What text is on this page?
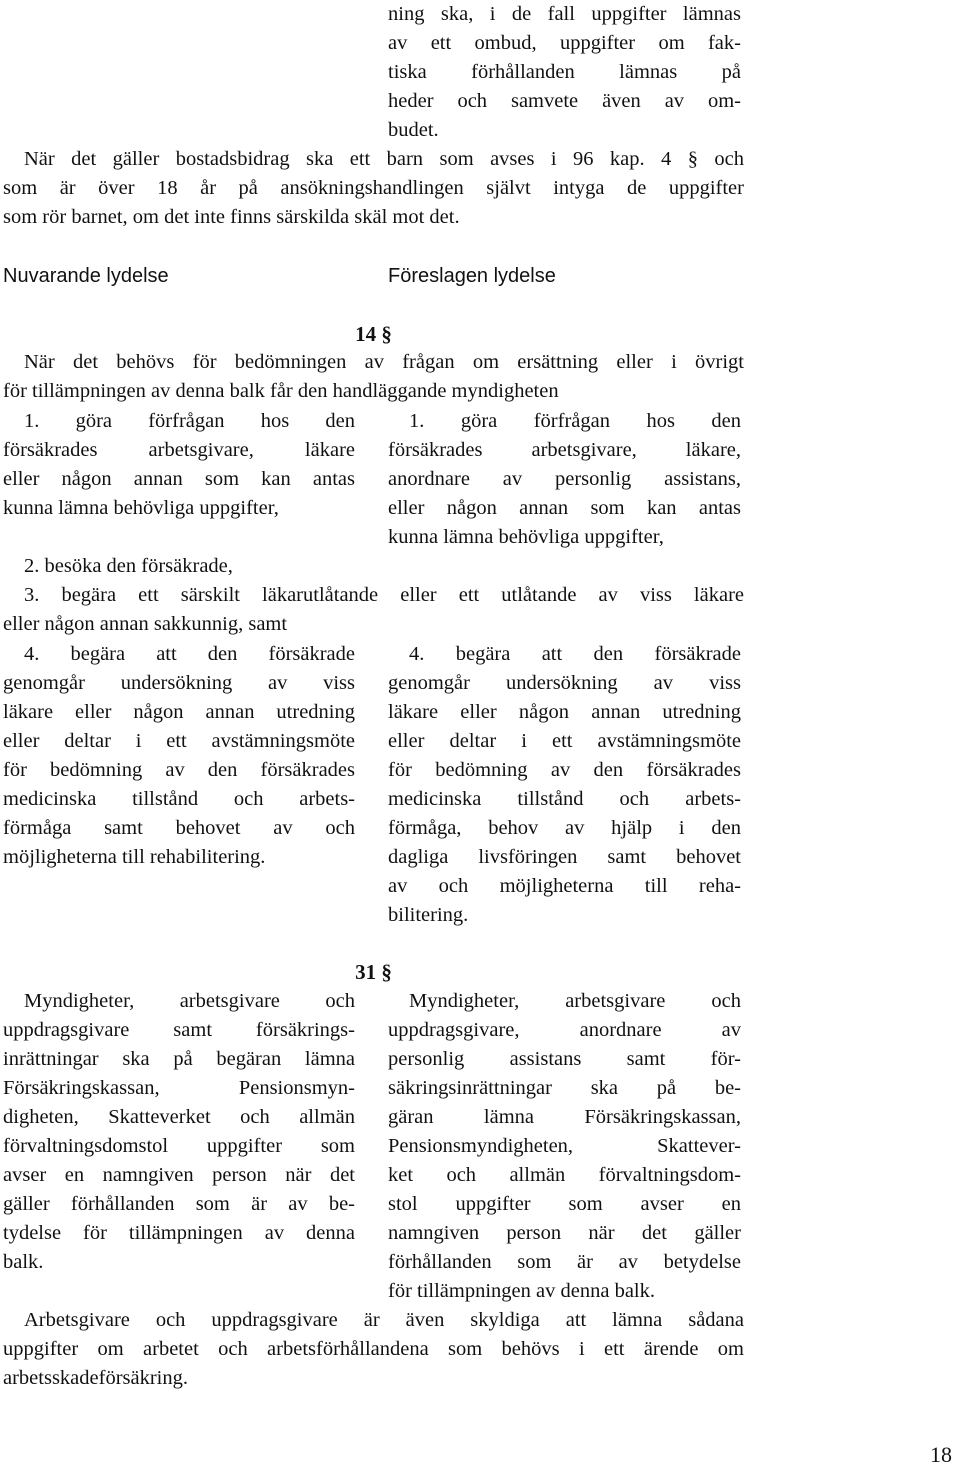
ning ska, i de fall uppgifter lämnas
av ett ombud, uppgifter om fak-
tiska förhållanden lämnas på
heder och samvete även av om-
budet.
När det gäller bostadsbidrag ska ett barn som avses i 96 kap. 4 § och
som är över 18 år på ansökningshandlingen självt intyga de uppgifter
som rör barnet, om det inte finns särskilda skäl mot det.
Nuvarande lydelse	Föreslagen lydelse
14 §
När det behövs för bedömningen av frågan om ersättning eller i övrigt
för tillämpningen av denna balk får den handläggande myndigheten
1. göra förfrågan hos den
försäkrades arbetsgivare, läkare
eller någon annan som kan antas
kunna lämna behövliga uppgifter,
1. göra förfrågan hos den
försäkrades arbetsgivare, läkare,
anordnare av personlig assistans,
eller någon annan som kan antas
kunna lämna behövliga uppgifter,
2. besöka den försäkrade,
3. begära ett särskilt läkarutlåtande eller ett utlåtande av viss läkare
eller någon annan sakkunnig, samt
4. begära att den försäkrade
genomgår undersökning av viss
läkare eller någon annan utredning
eller deltar i ett avstämningsmöte
för bedömning av den försäkrades
medicinska tillstånd och arbets-
förmåga samt behovet av och
möjligheterna till rehabilitering.
4. begära att den försäkrade
genomgår undersökning av viss
läkare eller någon annan utredning
eller deltar i ett avstämningsmöte
för bedömning av den försäkrades
medicinska tillstånd och arbets-
förmåga, behov av hjälp i den
dagliga livsföringen samt behovet
av och möjligheterna till reha-
bilitering.
31 §
Myndigheter, arbetsgivare och
uppdragsgivare samt försäkrings-
inrättningar ska på begäran lämna
Försäkringskassan, Pensionsmyn-
digheten, Skatteverket och allmän
förvaltningsdomstol uppgifter som
avser en namngiven person när det
gäller förhållanden som är av be-
tydelse för tillämpningen av denna
balk.
Myndigheter, arbetsgivare och
uppdragsgivare, anordnare av
personlig assistans samt för-
säkringsinrättningar ska på be-
gäran lämna Försäkringskassan,
Pensionsmyndigheten, Skattever-
ket och allmän förvaltningsdom-
stol uppgifter som avser en
namngiven person när det gäller
förhållanden som är av betydelse
för tillämpningen av denna balk.
Arbetsgivare och uppdragsgivare är även skyldiga att lämna sådana
uppgifter om arbetet och arbetsförhållandena som behövs i ett ärende om
arbetsskadeförsäkring.
18
